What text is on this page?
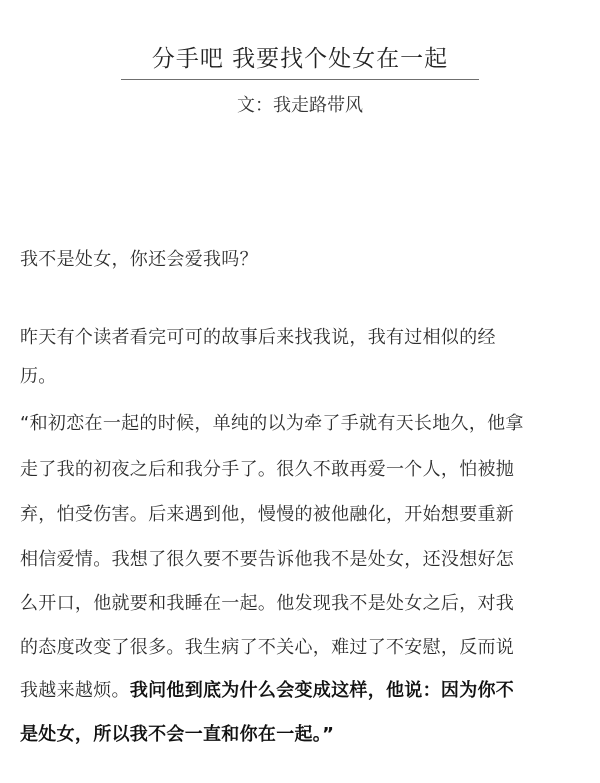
分手吧 我要找个处女在一起
文：我走路带风
我不是处女，你还会爱我吗？
昨天有个读者看完可可的故事后来找我说，我有过相似的经
历。
“和初恋在一起的时候，单纯的以为牵了手就有天长地久，他拿
走了我的初夜之后和我分手了。很久不敢再爱一个人，怕被抛
弃，怕受伤害。后来遇到他，慢慢的被他融化，开始想要重新
相信爱情。我想了很久要不要告诉他我不是处女，还没想好怎
么开口，他就要和我睡在一起。他发现我不是处女之后，对我
的态度改变了很多。我生病了不关心，难过了不安慰，反而说
我越来越烦。我问他到底为什么会变成这样，他说：因为你不
是处女，所以我不会一直和你在一起。”
